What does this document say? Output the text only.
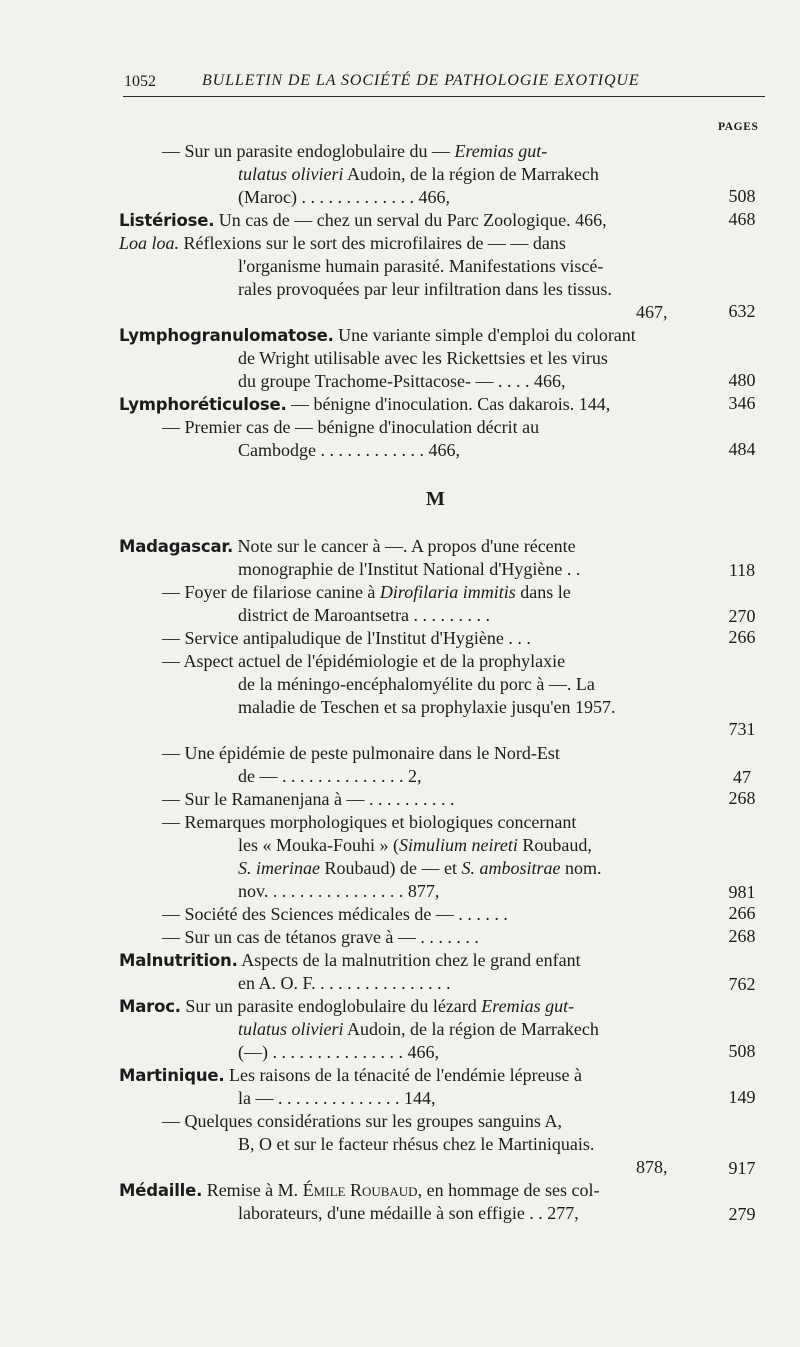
1052	BULLETIN DE LA SOCIÉTÉ DE PATHOLOGIE EXOTIQUE
PAGES
— Sur un parasite endoglobulaire du — Eremias gut-
tulatus olivieri Audoin, de la région de Marrakech
(Maroc) . . . . . . . . . . . . . 466,	508
Listériose. Un cas de — chez un serval du Parc Zoologique. 466,	468
Loa loa. Réflexions sur le sort des microfilaires de — — dans
l'organisme humain parasité. Manifestations viscé-
rales provoquées par leur infiltration dans les tissus.
467,	632
Lymphogranulomatose. Une variante simple d'emploi du colorant
de Wright utilisable avec les Rickettsies et les virus
du groupe Trachome-Psittacose- — . . . . 466,	480
Lymphoréticulose. — bénigne d'inoculation. Cas dakarois. 144,	346
— Premier cas de — bénigne d'inoculation décrit au
Cambodge . . . . . . . . . . . . 466,	484
M
Madagascar. Note sur le cancer à —. A propos d'une récente
monographie de l'Institut National d'Hygiène . .	118
— Foyer de filariose canine à Dirofilaria immitis dans le
district de Maroantsetra . . . . . . . . .	270
— Service antipaludique de l'Institut d'Hygiène . . .	266
— Aspect actuel de l'épidémiologie et de la prophylaxie
de la méningo-encéphalomyélite du porc à —. La
maladie de Teschen et sa prophylaxie jusqu'en 1957.
731
— Une épidémie de peste pulmonaire dans le Nord-Est
de — . . . . . . . . . . . . . . 2,	47
— Sur le Ramanenjana à — . . . . . . . . . .	268
— Remarques morphologiques et biologiques concernant
les « Mouka-Fouhi » (Simulium neireti Roubaud,
S. imerinae Roubaud) de — et S. ambositrae nom.
nov. . . . . . . . . . . . . . . . 877,	981
— Société des Sciences médicales de — . . . . . .	266
— Sur un cas de tétanos grave à — . . . . . . .	268
Malnutrition. Aspects de la malnutrition chez le grand enfant
en A. O. F. . . . . . . . . . . . . . . .	762
Maroc. Sur un parasite endoglobulaire du lézard Eremias gut-
tulatus olivieri Audoin, de la région de Marrakech
(—) . . . . . . . . . . . . . . . 466,	508
Martinique. Les raisons de la ténacité de l'endémie lépreuse à
la — . . . . . . . . . . . . . . 144,	149
— Quelques considérations sur les groupes sanguins A,
B, O et sur le facteur rhésus chez le Martiniquais.
878,	917
Médaille. Remise à M. Émile Roubaud, en hommage de ses col-
laborateurs, d'une médaille à son effigie . . 277,	279
